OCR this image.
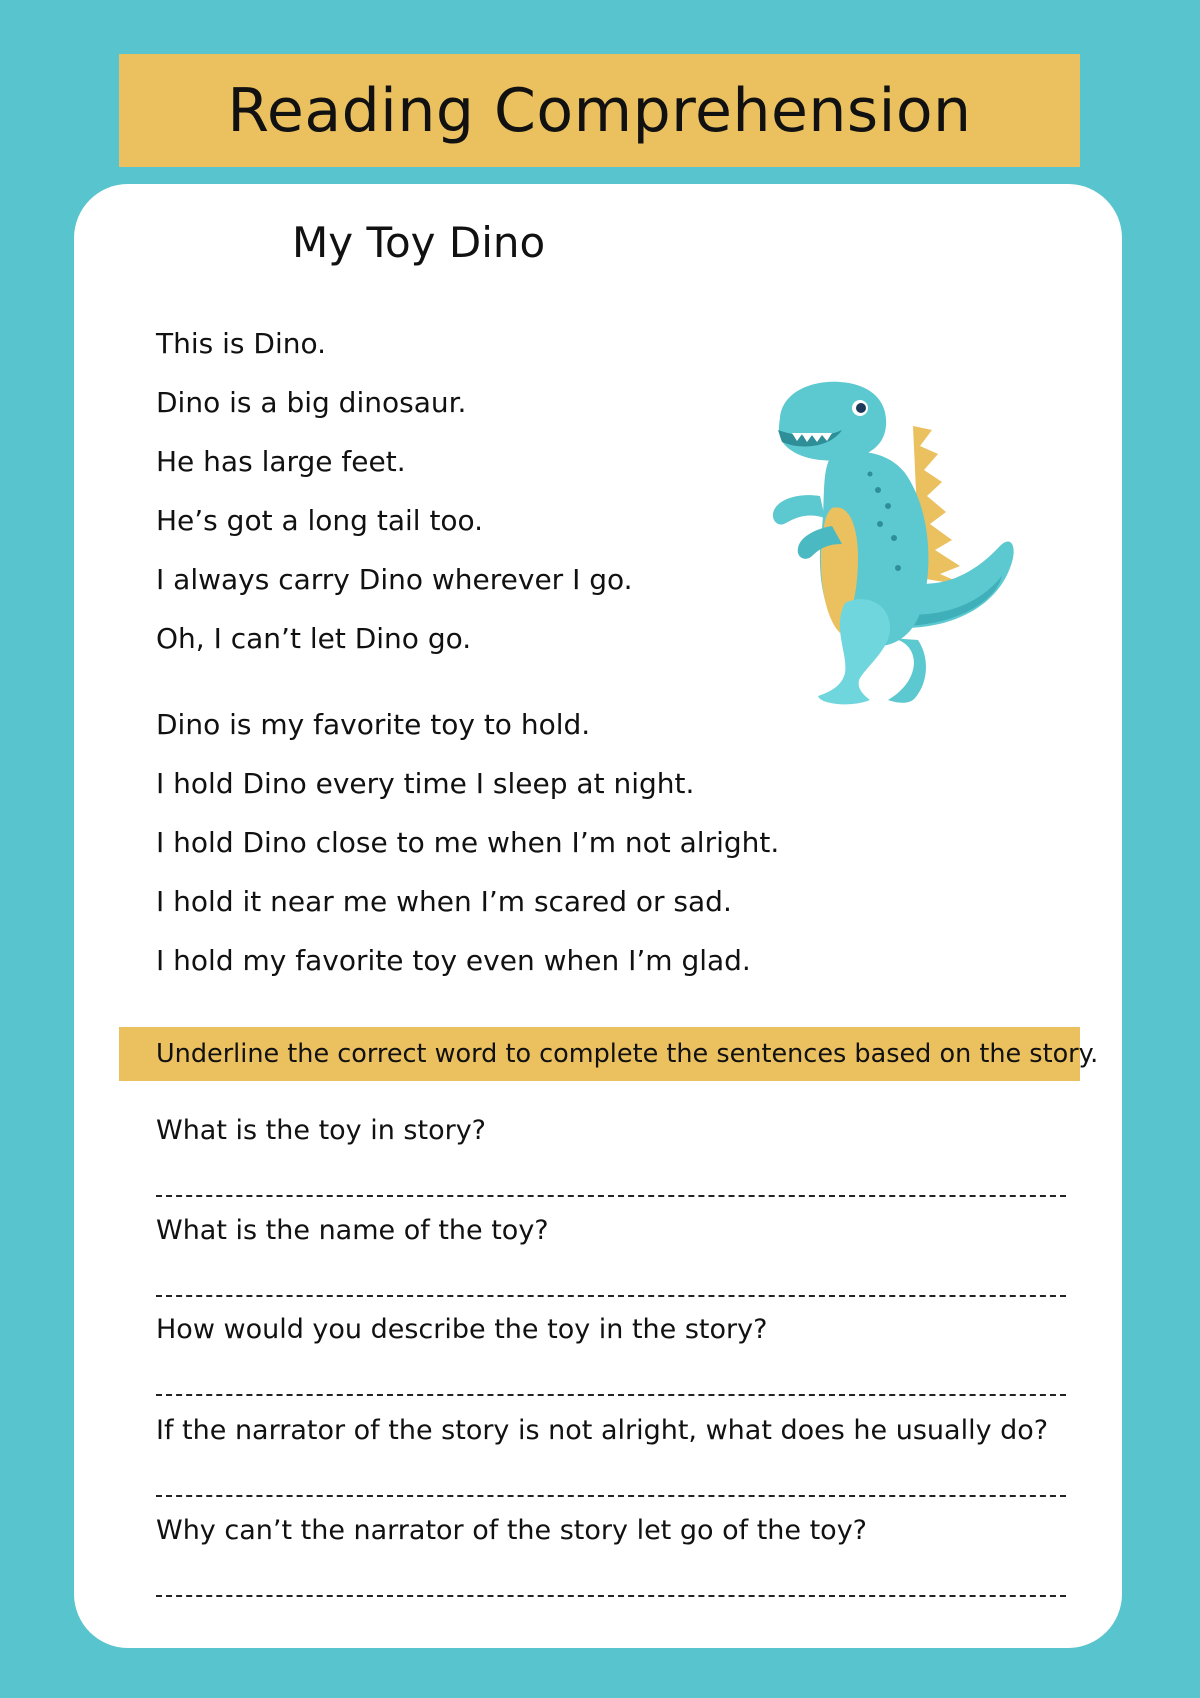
Reading Comprehension
My Toy Dino
This is Dino.
Dino is a big dinosaur.
He has large feet.
He’s got a long tail too.
I always carry Dino wherever I go.
Oh, I can’t let Dino go.
Dino is my favorite toy to hold.
I hold Dino every time I sleep at night.
I hold Dino close to me when I’m not alright.
I hold it near me when I’m scared or sad.
I hold my favorite toy even when I’m glad.
Underline the correct word to complete the sentences based on the story.
What is the toy in story?
What is the name of the toy?
How would you describe the toy in the story?
If the narrator of the story is not alright, what does he usually do?
Why can’t the narrator of the story let go of the toy?
